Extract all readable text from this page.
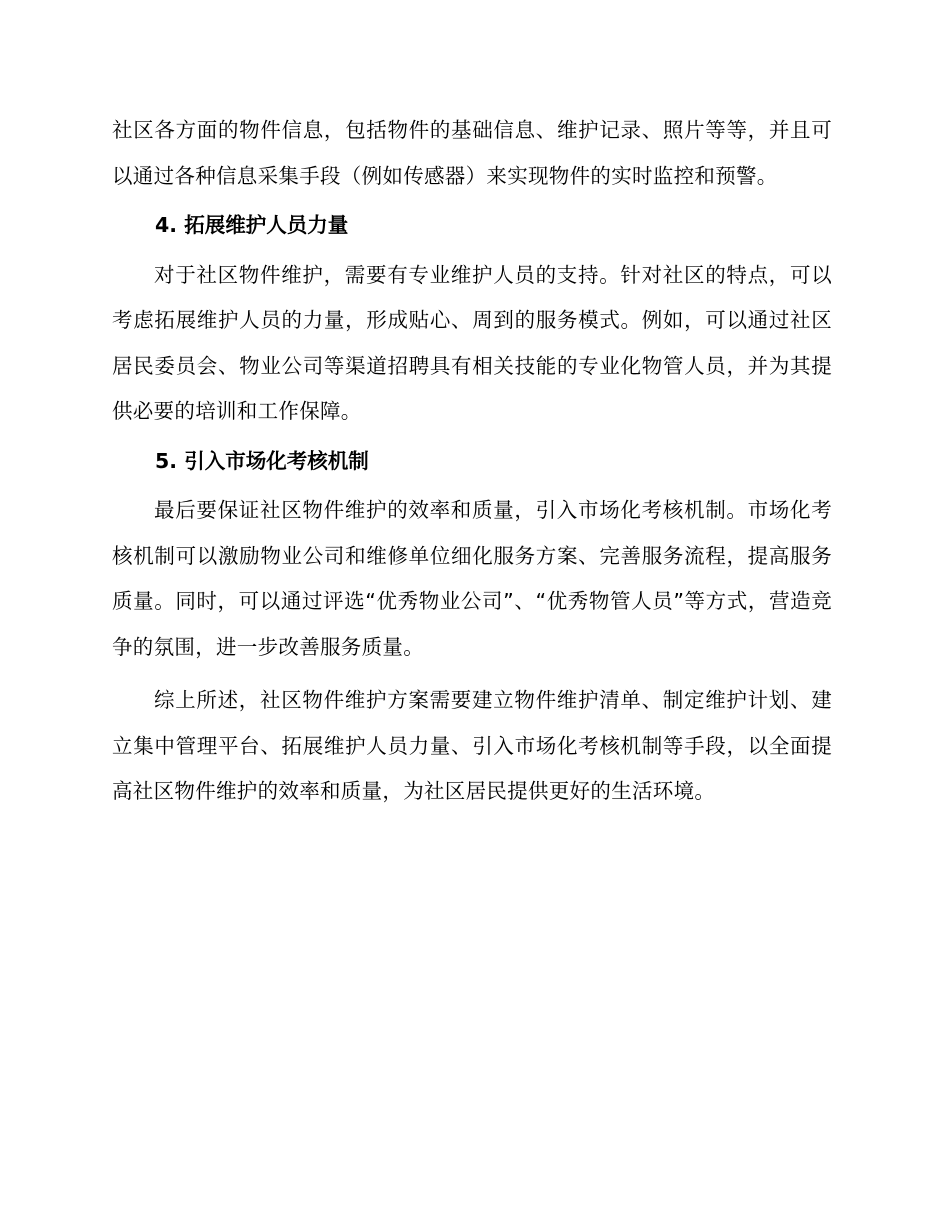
社区各方面的物件信息，包括物件的基础信息、维护记录、照片等等，并且可以通过各种信息采集手段（例如传感器）来实现物件的实时监控和预警。

4. 拓展维护人员力量

对于社区物件维护，需要有专业维护人员的支持。针对社区的特点，可以考虑拓展维护人员的力量，形成贴心、周到的服务模式。例如，可以通过社区居民委员会、物业公司等渠道招聘具有相关技能的专业化物管人员，并为其提供必要的培训和工作保障。

5. 引入市场化考核机制

最后要保证社区物件维护的效率和质量，引入市场化考核机制。市场化考核机制可以激励物业公司和维修单位细化服务方案、完善服务流程，提高服务质量。同时，可以通过评选“优秀物业公司”、“优秀物管人员”等方式，营造竞争的氛围，进一步改善服务质量。

综上所述，社区物件维护方案需要建立物件维护清单、制定维护计划、建立集中管理平台、拓展维护人员力量、引入市场化考核机制等手段，以全面提高社区物件维护的效率和质量，为社区居民提供更好的生活环境。
